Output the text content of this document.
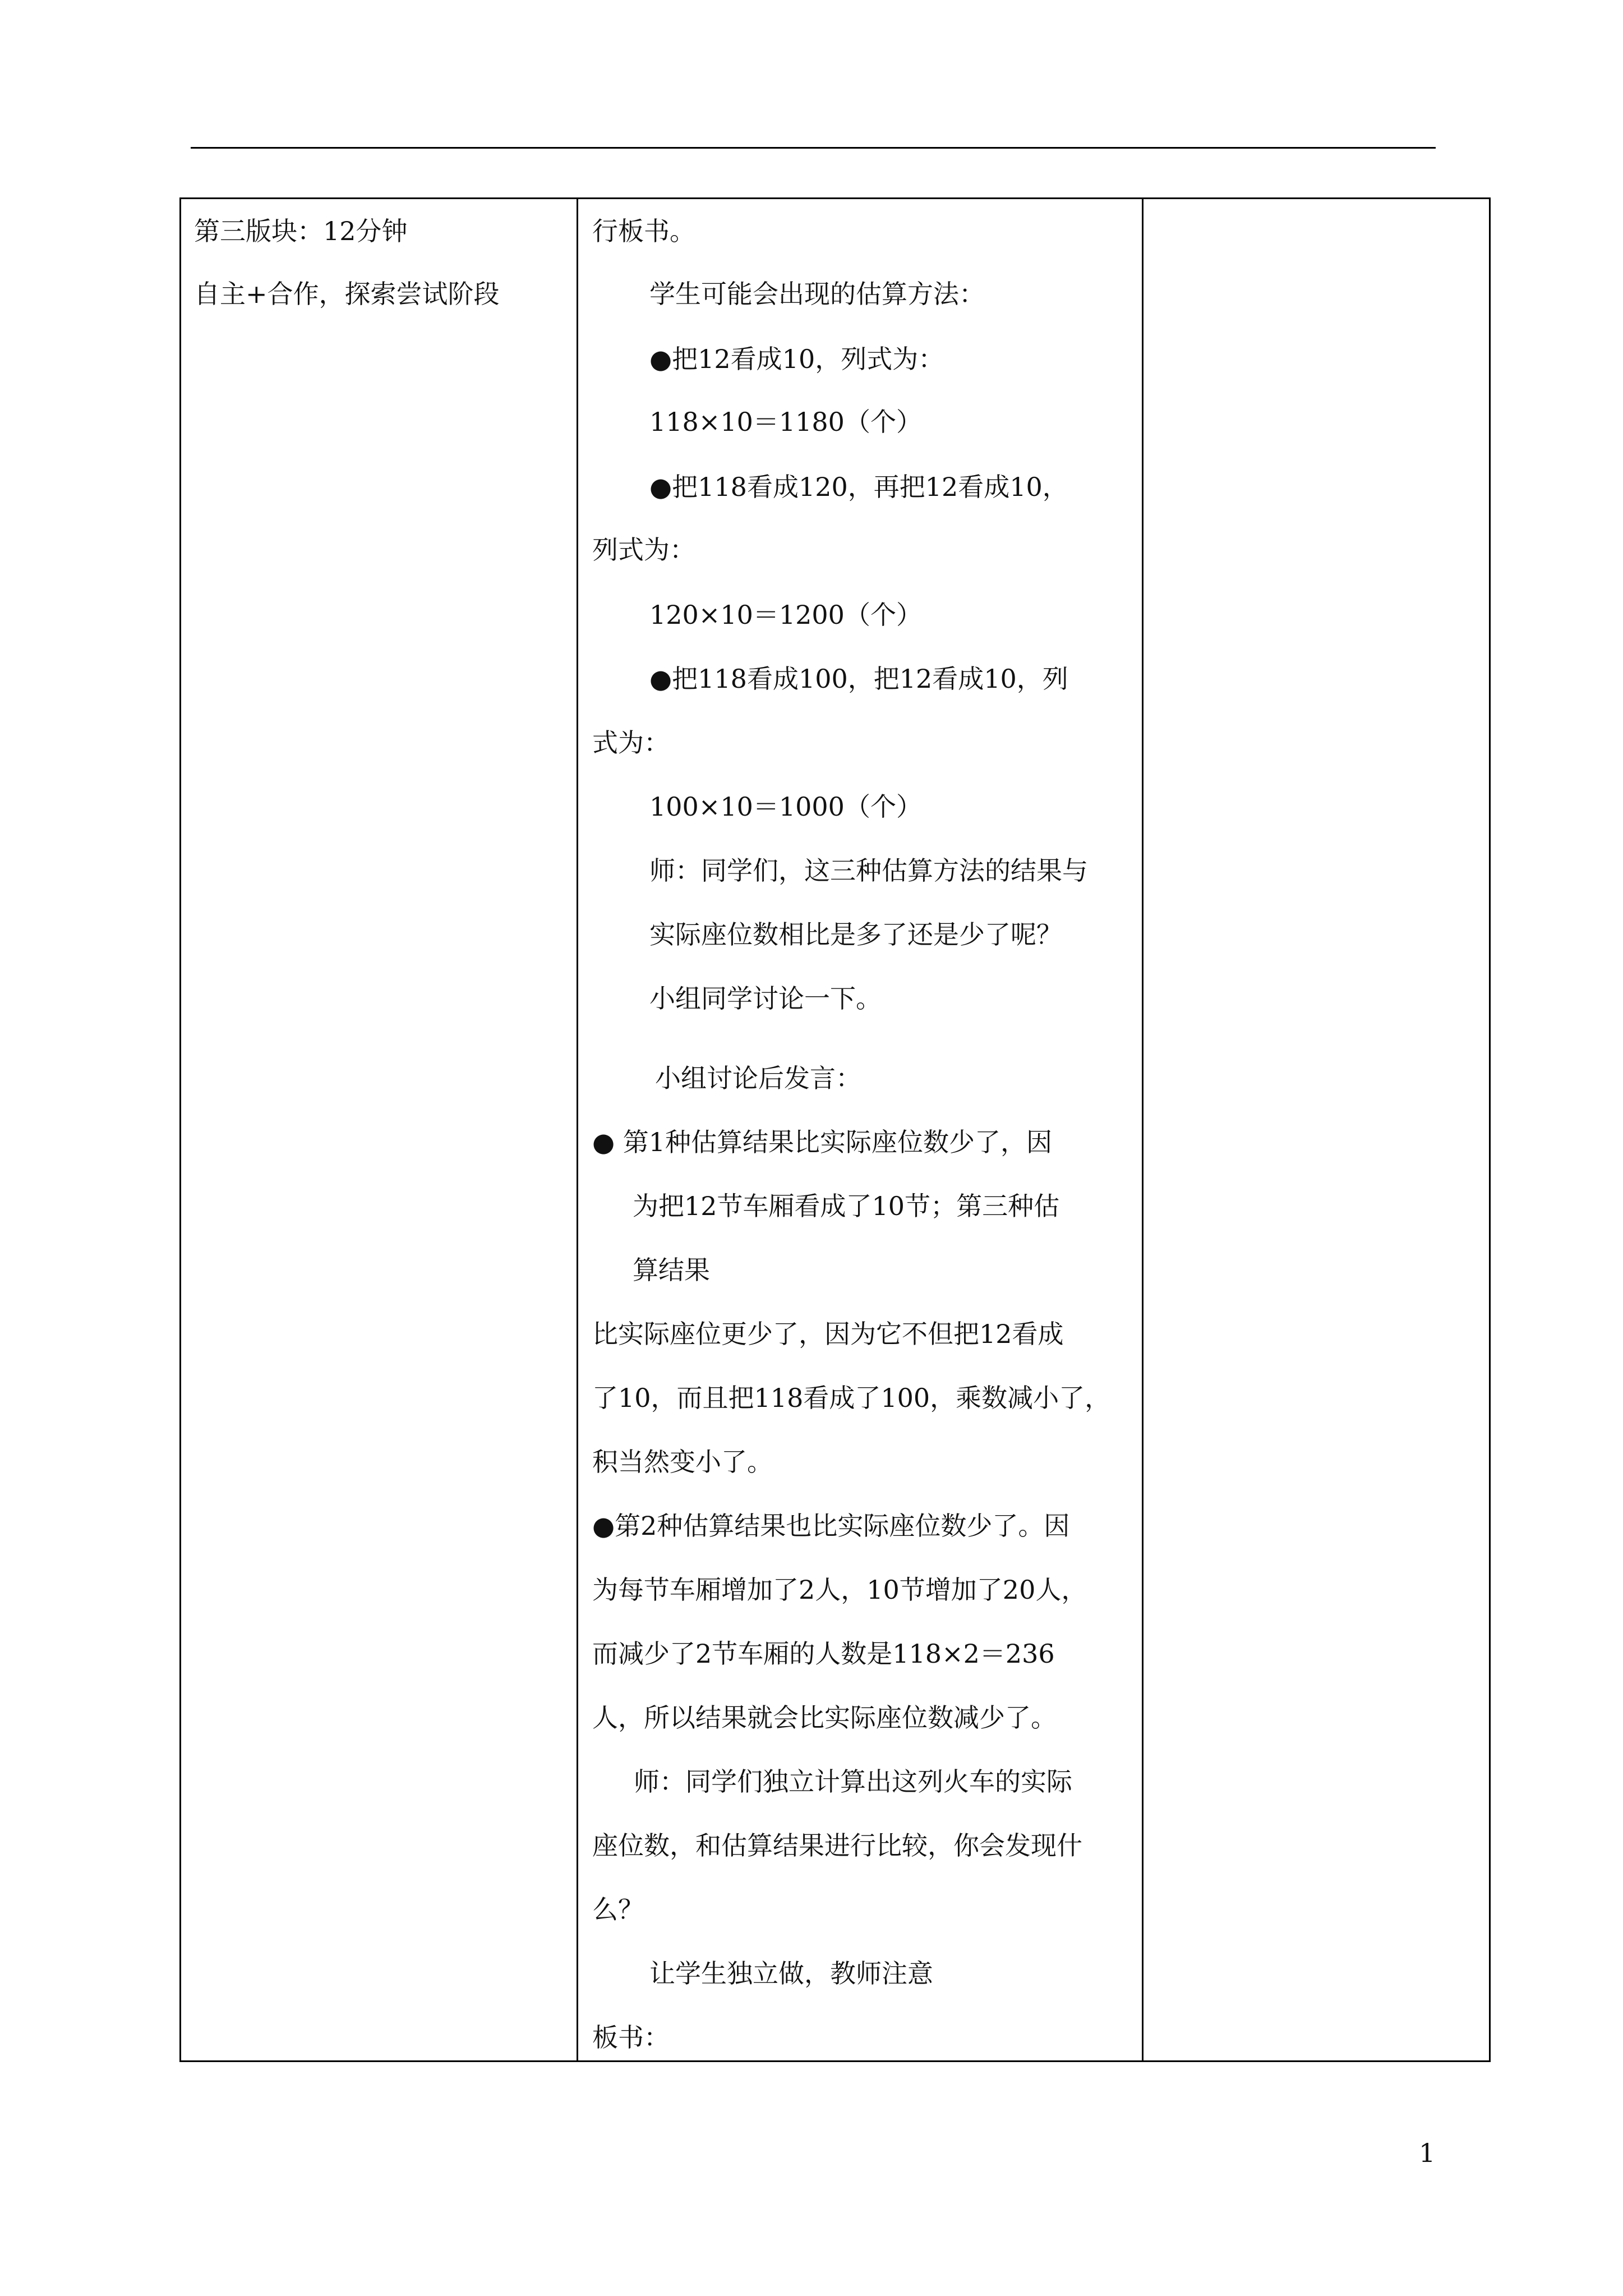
第三版块：12分钟
自主+合作，探索尝试阶段
行板书。
学生可能会出现的估算方法：
●把12看成10，列式为：
118×10＝1180（个）
●把118看成120，再把12看成10，
列式为：
120×10＝1200（个）
●把118看成100，把12看成10，列
式为：
100×10＝1000（个）
师：同学们，这三种估算方法的结果与
实际座位数相比是多了还是少了呢？
小组同学讨论一下。
小组讨论后发言：
● 第1种估算结果比实际座位数少了，因
为把12节车厢看成了10节；第三种估
算结果
比实际座位更少了，因为它不但把12看成
了10，而且把118看成了100，乘数减小了，
积当然变小了。
●第2种估算结果也比实际座位数少了。因
为每节车厢增加了2人，10节增加了20人，
而减少了2节车厢的人数是118×2＝236
人，所以结果就会比实际座位数减少了。
师：同学们独立计算出这列火车的实际
座位数，和估算结果进行比较，你会发现什
么？
让学生独立做，教师注意
板书：
1
